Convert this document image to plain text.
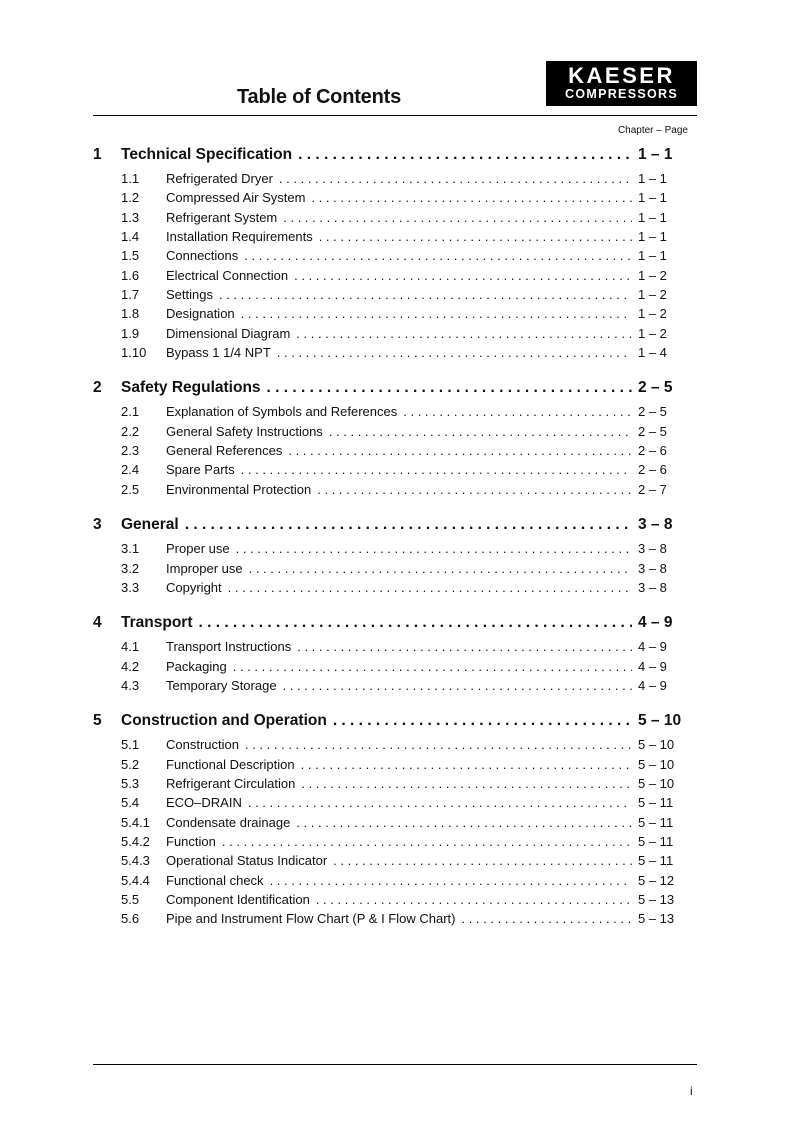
Table of Contents
KAESER
COMPRESSORS
Chapter – Page
1	Technical Specification . . .	1 – 1
1.1	Refrigerated Dryer . . .	1 – 1
1.2	Compressed Air System . . .	1 – 1
1.3	Refrigerant System . . .	1 – 1
1.4	Installation Requirements . . .	1 – 1
1.5	Connections . . .	1 – 1
1.6	Electrical Connection . . .	1 – 2
1.7	Settings . . .	1 – 2
1.8	Designation . . .	1 – 2
1.9	Dimensional Diagram . . .	1 – 2
1.10	Bypass 1 1/4 NPT . . .	1 – 4
2	Safety Regulations . . .	2 – 5
2.1	Explanation of Symbols and References . . .	2 – 5
2.2	General Safety Instructions . . .	2 – 5
2.3	General References . . .	2 – 6
2.4	Spare Parts . . .	2 – 6
2.5	Environmental Protection . . .	2 – 7
3	General . . .	3 – 8
3.1	Proper use . . .	3 – 8
3.2	Improper use . . .	3 – 8
3.3	Copyright . . .	3 – 8
4	Transport . . .	4 – 9
4.1	Transport Instructions . . .	4 – 9
4.2	Packaging . . .	4 – 9
4.3	Temporary Storage . . .	4 – 9
5	Construction and Operation . . .	5 – 10
5.1	Construction . . .	5 – 10
5.2	Functional Description . . .	5 – 10
5.3	Refrigerant Circulation . . .	5 – 10
5.4	ECO–DRAIN . . .	5 – 11
5.4.1	Condensate drainage . . .	5 – 11
5.4.2	Function . . .	5 – 11
5.4.3	Operational Status Indicator . . .	5 – 11
5.4.4	Functional check . . .	5 – 12
5.5	Component Identification . . .	5 – 13
5.6	Pipe and Instrument Flow Chart (P & I Flow Chart) . . .	5 – 13
i
